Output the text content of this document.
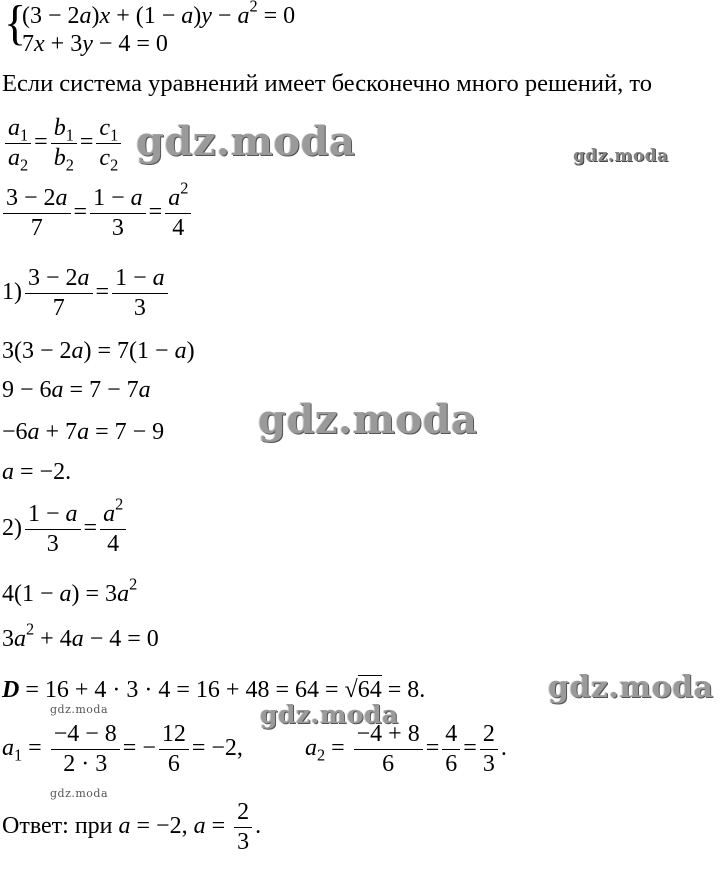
{
$(3 - 2a)x + (1 - a)y - a^2 = 0$
7x + 3y − 4 = 0
Если система уравнений имеет бесконечно много решений, то
$\frac{a_1}{a_2} = \frac{b_1}{b_2} = \frac{c_1}{c_2}$
$\frac{3 - 2a}{7} = \frac{1 - a}{3} = \frac{a^2}{4}$
$1) \frac{3 - 2a}{7} = \frac{1 - a}{3}$
3(3 − 2a) = 7(1 − a)
9 − 6a = 7 − 7a
−6a + 7a = 7 − 9
a = −2.
$2) \frac{1 - a}{3} = \frac{a^2}{4}$
$4(1 - a) = 3a^2$
$3a^2 + 4a - 4 = 0$
D = 16 + 4 · 3 · 4 = 16 + 48 = 64 = √64 = 8.
$a_1 = \frac{-4 - 8}{2 \cdot 3}$ = − $\frac{12}{6} = -2$,	$a_2 = \frac{-4 + 8}{6} = \frac{4}{6} = \frac{2}{3}$ .
Ответ: при a = −2, $a = \frac{2}{3}$ .
gdz.moda	gdz.moda
gdz.moda
gdz.moda
gdz.moda
gdz.moda
gdz.moda
